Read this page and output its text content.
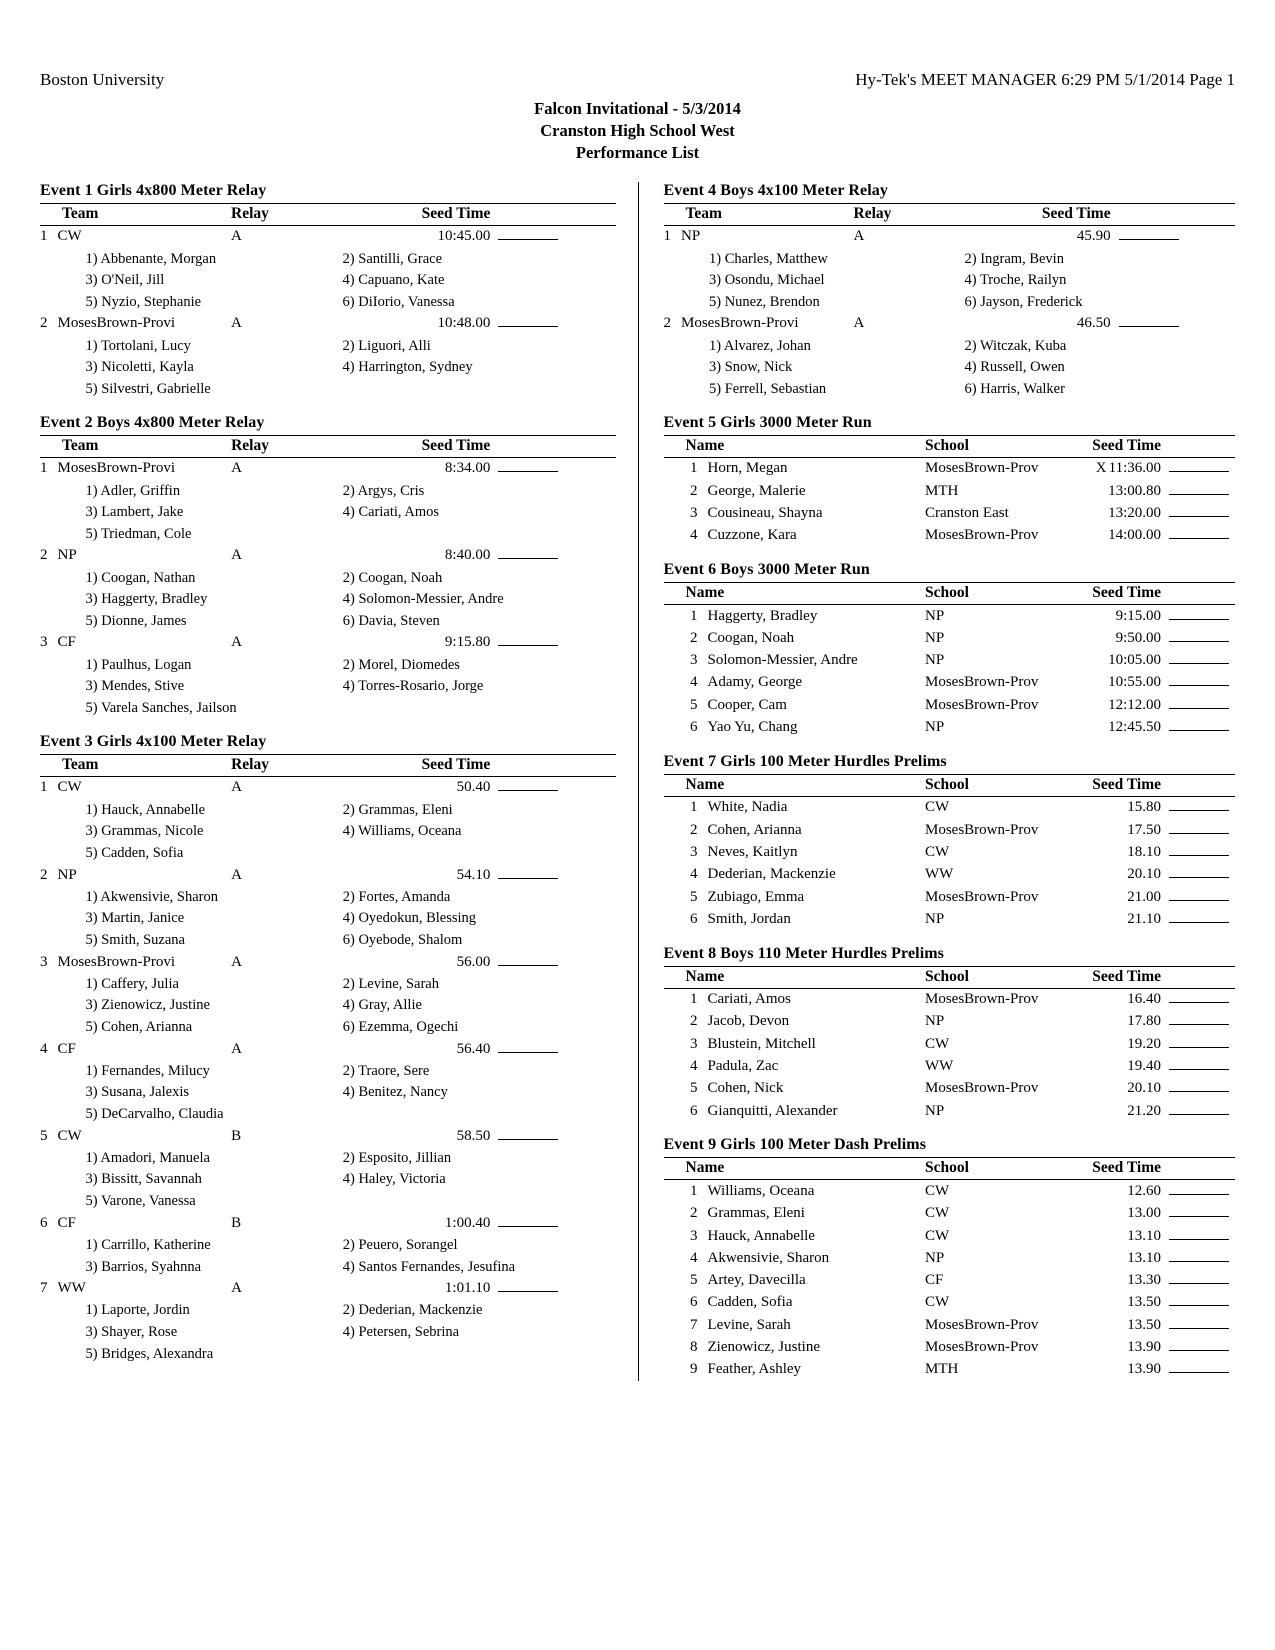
Boston University	Hy-Tek's MEET MANAGER 6:29 PM 5/1/2014 Page 1
Falcon Invitational - 5/3/2014
Cranston High School West
Performance List
Event 1 Girls 4x800 Meter Relay
Team		Relay	Seed Time	
1	CW	A	10:45.00	
	1) Abbenante, Morgan		2) Santilli, Grace	
	3) O'Neil, Jill		4) Capuano, Kate	
	5) Nyzio, Stephanie		6) DiIorio, Vanessa	
2	MosesBrown-Provi	A	10:48.00	
	1) Tortolani, Lucy		2) Liguori, Alli	
	3) Nicoletti, Kayla		4) Harrington, Sydney	
	5) Silvestri, Gabrielle			
Event 2 Boys 4x800 Meter Relay
Team		Relay	Seed Time	
1	MosesBrown-Provi	A	8:34.00	
	1) Adler, Griffin		2) Argys, Cris	
	3) Lambert, Jake		4) Cariati, Amos	
	5) Triedman, Cole			
2	NP	A	8:40.00	
	1) Coogan, Nathan		2) Coogan, Noah	
	3) Haggerty, Bradley		4) Solomon-Messier, Andre	
	5) Dionne, James		6) Davia, Steven	
3	CF	A	9:15.80	
	1) Paulhus, Logan		2) Morel, Diomedes	
	3) Mendes, Stive		4) Torres-Rosario, Jorge	
	5) Varela Sanches, Jailson			
Event 3 Girls 4x100 Meter Relay
Team		Relay	Seed Time	
1	CW	A	50.40	
	1) Hauck, Annabelle		2) Grammas, Eleni	
	3) Grammas, Nicole		4) Williams, Oceana	
	5) Cadden, Sofia			
2	NP	A	54.10	
	1) Akwensivie, Sharon		2) Fortes, Amanda	
	3) Martin, Janice		4) Oyedokun, Blessing	
	5) Smith, Suzana		6) Oyebode, Shalom	
3	MosesBrown-Provi	A	56.00	
	1) Caffery, Julia		2) Levine, Sarah	
	3) Zienowicz, Justine		4) Gray, Allie	
	5) Cohen, Arianna		6) Ezemma, Ogechi	
4	CF	A	56.40	
	1) Fernandes, Milucy		2) Traore, Sere	
	3) Susana, Jalexis		4) Benitez, Nancy	
	5) DeCarvalho, Claudia			
5	CW	B	58.50	
	1) Amadori, Manuela		2) Esposito, Jillian	
	3) Bissitt, Savannah		4) Haley, Victoria	
	5) Varone, Vanessa			
6	CF	B	1:00.40	
	1) Carrillo, Katherine		2) Peuero, Sorangel	
	3) Barrios, Syahnna		4) Santos Fernandes, Jesufina	
7	WW	A	1:01.10	
	1) Laporte, Jordin		2) Dederian, Mackenzie	
	3) Shayer, Rose		4) Petersen, Sebrina	
	5) Bridges, Alexandra			
Event 4 Boys 4x100 Meter Relay
Team		Relay	Seed Time	
1	NP	A	45.90	
	1) Charles, Matthew		2) Ingram, Bevin	
	3) Osondu, Michael		4) Troche, Railyn	
	5) Nunez, Brendon		6) Jayson, Frederick	
2	MosesBrown-Provi	A	46.50	
	1) Alvarez, Johan		2) Witczak, Kuba	
	3) Snow, Nick		4) Russell, Owen	
	5) Ferrell, Sebastian		6) Harris, Walker	
Event 5 Girls 3000 Meter Run
Name		School	Seed Time	
1	Horn, Megan	MosesBrown-Prov	X 11:36.00	
2	George, Malerie	MTH	13:00.80	
3	Cousineau, Shayna	Cranston East	13:20.00	
4	Cuzzone, Kara	MosesBrown-Prov	14:00.00	
Event 6 Boys 3000 Meter Run
Name		School	Seed Time	
1	Haggerty, Bradley	NP	9:15.00	
2	Coogan, Noah	NP	9:50.00	
3	Solomon-Messier, Andre	NP	10:05.00	
4	Adamy, George	MosesBrown-Prov	10:55.00	
5	Cooper, Cam	MosesBrown-Prov	12:12.00	
6	Yao Yu, Chang	NP	12:45.50	
Event 7 Girls 100 Meter Hurdles Prelims
Name		School	Seed Time	
1	White, Nadia	CW	15.80	
2	Cohen, Arianna	MosesBrown-Prov	17.50	
3	Neves, Kaitlyn	CW	18.10	
4	Dederian, Mackenzie	WW	20.10	
5	Zubiago, Emma	MosesBrown-Prov	21.00	
6	Smith, Jordan	NP	21.10	
Event 8 Boys 110 Meter Hurdles Prelims
Name		School	Seed Time	
1	Cariati, Amos	MosesBrown-Prov	16.40	
2	Jacob, Devon	NP	17.80	
3	Blustein, Mitchell	CW	19.20	
4	Padula, Zac	WW	19.40	
5	Cohen, Nick	MosesBrown-Prov	20.10	
6	Gianquitti, Alexander	NP	21.20	
Event 9 Girls 100 Meter Dash Prelims
Name		School	Seed Time	
1	Williams, Oceana	CW	12.60	
2	Grammas, Eleni	CW	13.00	
3	Hauck, Annabelle	CW	13.10	
4	Akwensivie, Sharon	NP	13.10	
5	Artey, Davecilla	CF	13.30	
6	Cadden, Sofia	CW	13.50	
7	Levine, Sarah	MosesBrown-Prov	13.50	
8	Zienowicz, Justine	MosesBrown-Prov	13.90	
9	Feather, Ashley	MTH	13.90	
